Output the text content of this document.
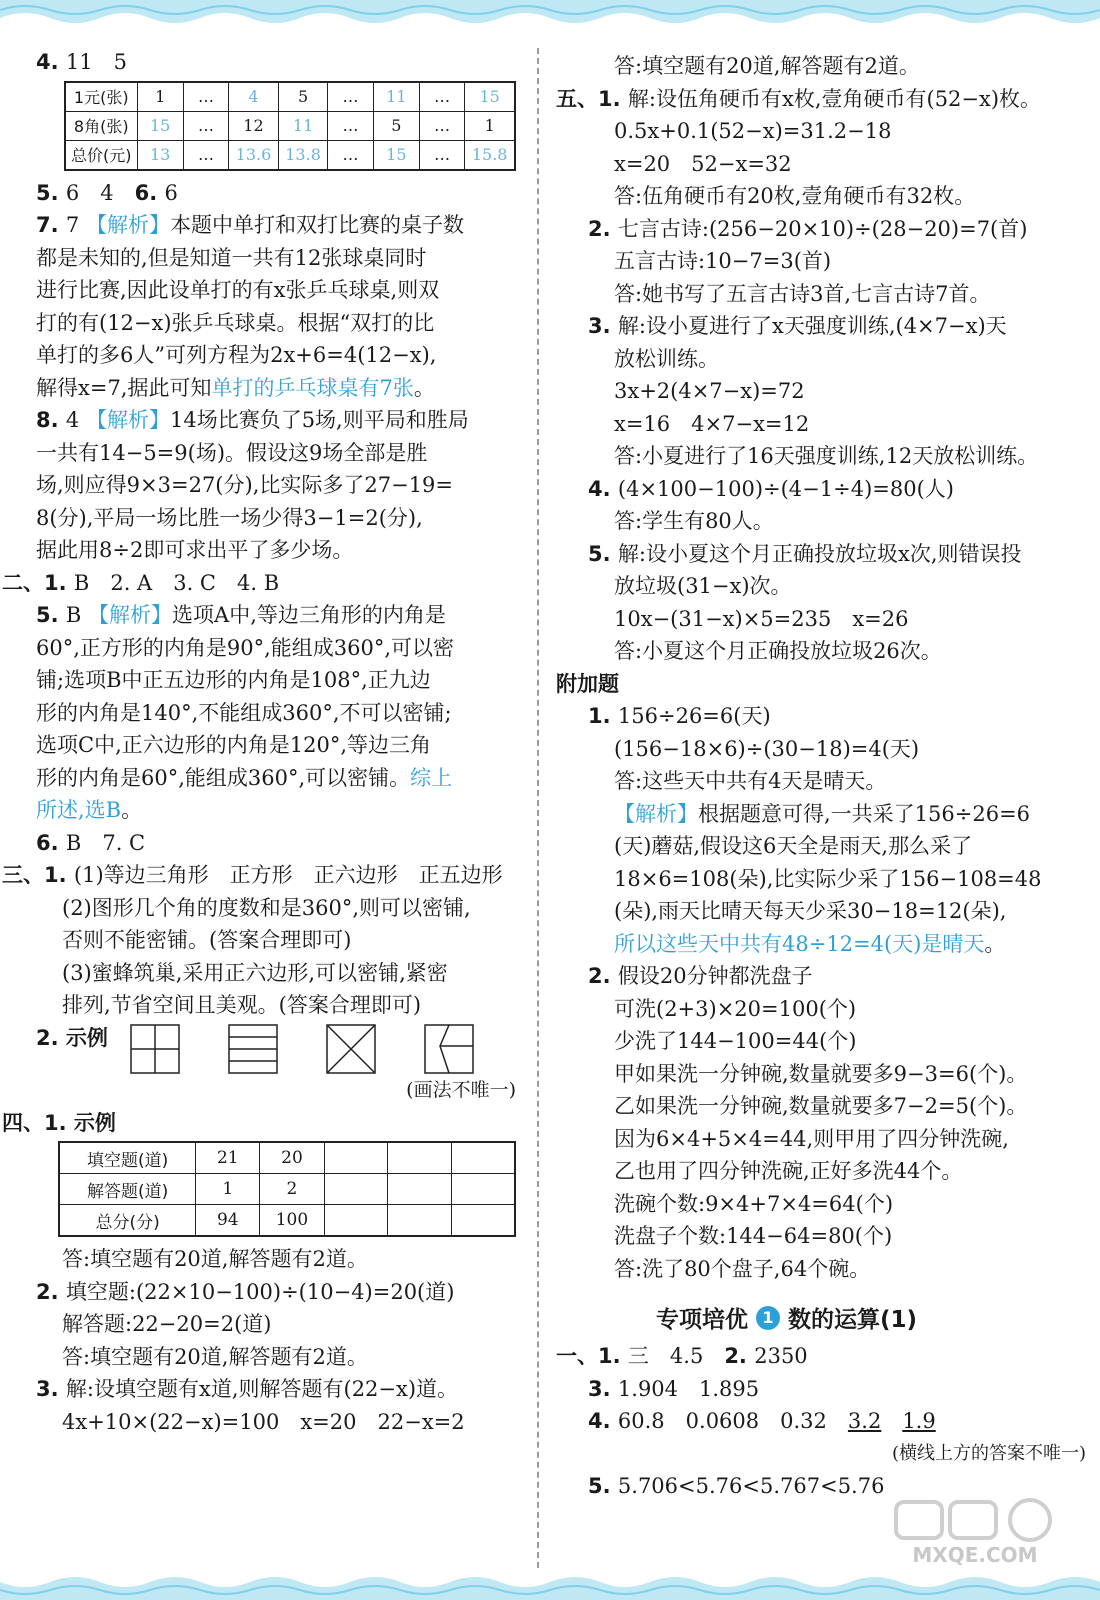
4. 11　5
1元(张)	1	…	4	5	…	11	…	15
8角(张)	15	…	12	11	…	5	…	1
总价(元)	13	…	13.6	13.8	…	15	…	15.8
5. 6　4　6. 6
7. 7 【解析】本题中单打和双打比赛的桌子数
都是未知的,但是知道一共有12张球桌同时
进行比赛,因此设单打的有x张乒乓球桌,则双
打的有(12−x)张乒乓球桌。根据“双打的比
单打的多6人”可列方程为2x+6=4(12−x),
解得x=7,据此可知单打的乒乓球桌有7张。
8. 4 【解析】14场比赛负了5场,则平局和胜局
一共有14−5=9(场)。假设这9场全部是胜
场,则应得9×3=27(分),比实际多了27−19=
8(分),平局一场比胜一场少得3−1=2(分),
据此用8÷2即可求出平了多少场。
二、1. B　2. A　3. C　4. B
5. B 【解析】选项A中,等边三角形的内角是
60°,正方形的内角是90°,能组成360°,可以密
铺;选项B中正五边形的内角是108°,正九边
形的内角是140°,不能组成360°,不可以密铺;
选项C中,正六边形的内角是120°,等边三角
形的内角是60°,能组成360°,可以密铺。综上
所述,选B。
6. B　7. C
三、1. (1)等边三角形　正方形　正六边形　正五边形
(2)图形几个角的度数和是360°,则可以密铺,
否则不能密铺。(答案合理即可)
(3)蜜蜂筑巢,采用正六边形,可以密铺,紧密
排列,节省空间且美观。(答案合理即可)
2. 示例
(画法不唯一)
四、1. 示例
填空题(道)	21	20			
解答题(道)	1	2			
总分(分)	94	100			
答:填空题有20道,解答题有2道。
2. 填空题:(22×10−100)÷(10−4)=20(道)
解答题:22−20=2(道)
答:填空题有20道,解答题有2道。
3. 解:设填空题有x道,则解答题有(22−x)道。
4x+10×(22−x)=100　x=20　22−x=2
答:填空题有20道,解答题有2道。
五、1. 解:设伍角硬币有x枚,壹角硬币有(52−x)枚。
0.5x+0.1(52−x)=31.2−18
x=20　52−x=32
答:伍角硬币有20枚,壹角硬币有32枚。
2. 七言古诗:(256−20×10)÷(28−20)=7(首)
五言古诗:10−7=3(首)
答:她书写了五言古诗3首,七言古诗7首。
3. 解:设小夏进行了x天强度训练,(4×7−x)天
放松训练。
3x+2(4×7−x)=72
x=16　4×7−x=12
答:小夏进行了16天强度训练,12天放松训练。
4. (4×100−100)÷(4−1÷4)=80(人)
答:学生有80人。
5. 解:设小夏这个月正确投放垃圾x次,则错误投
放垃圾(31−x)次。
10x−(31−x)×5=235　x=26
答:小夏这个月正确投放垃圾26次。
附加题
1. 156÷26=6(天)
(156−18×6)÷(30−18)=4(天)
答:这些天中共有4天是晴天。
【解析】根据题意可得,一共采了156÷26=6
(天)蘑菇,假设这6天全是雨天,那么采了
18×6=108(朵),比实际少采了156−108=48
(朵),雨天比晴天每天少采30−18=12(朵),
所以这些天中共有48÷12=4(天)是晴天。
2. 假设20分钟都洗盘子
可洗(2+3)×20=100(个)
少洗了144−100=44(个)
甲如果洗一分钟碗,数量就要多9−3=6(个)。
乙如果洗一分钟碗,数量就要多7−2=5(个)。
因为6×4+5×4=44,则甲用了四分钟洗碗,
乙也用了四分钟洗碗,正好多洗44个。
洗碗个数:9×4+7×4=64(个)
洗盘子个数:144−64=80(个)
答:洗了80个盘子,64个碗。
专项培优 1 数的运算(1)
一、1. 三　4.5　2. 2350
3. 1.904　1.895
4. 60.8　0.0608　0.32　3.2　 1.9
(横线上方的答案不唯一)
5. 5.706<5.76<5.767<5.76
MXQE.COM
